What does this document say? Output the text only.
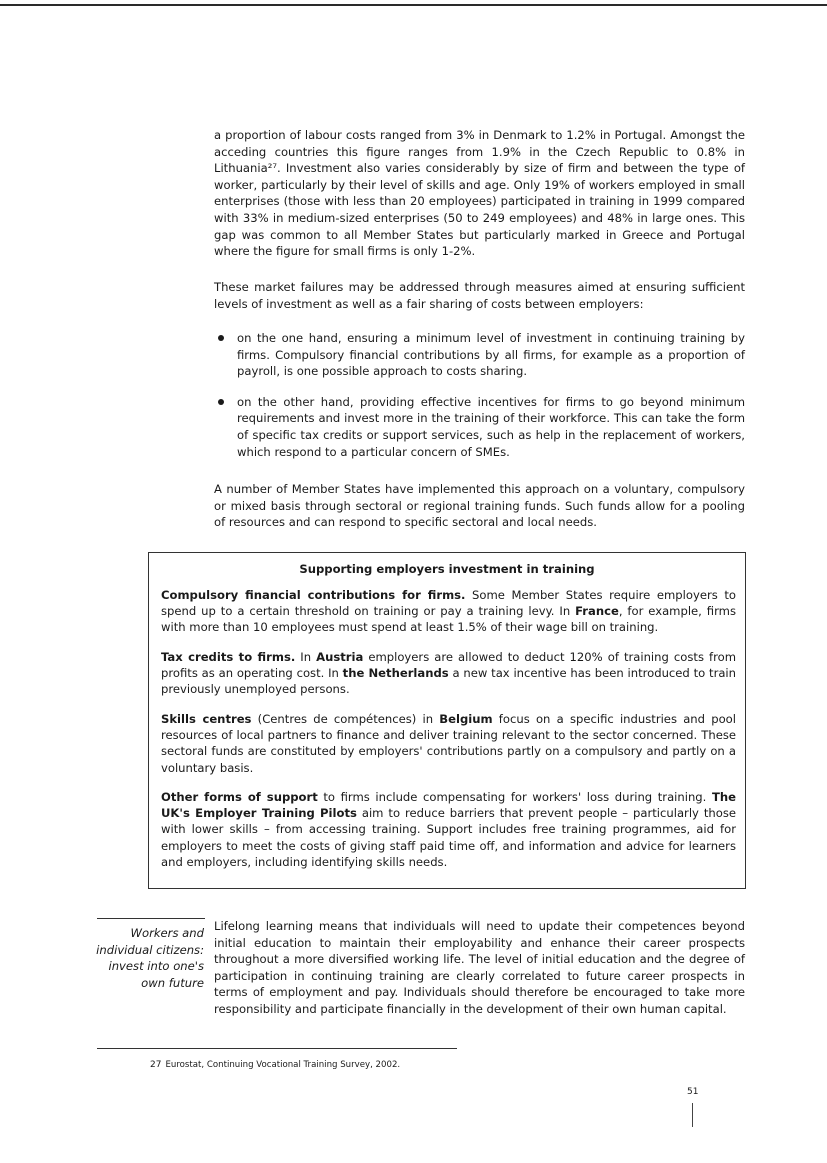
a proportion of labour costs ranged from 3% in Denmark to 1.2% in Portugal. Amongst the acceding countries this figure ranges from 1.9% in the Czech Republic to 0.8% in Lithuania²⁷. Investment also varies considerably by size of firm and between the type of worker, particularly by their level of skills and age. Only 19% of workers employed in small enterprises (those with less than 20 employees) participated in training in 1999 compared with 33% in medium-sized enterprises (50 to 249 employees) and 48% in large ones. This gap was common to all Member States but particularly marked in Greece and Portugal where the figure for small firms is only 1-2%.

These market failures may be addressed through measures aimed at ensuring sufficient levels of investment as well as a fair sharing of costs between employers:

on the one hand, ensuring a minimum level of investment in continuing training by firms. Compulsory financial contributions by all firms, for example as a proportion of payroll, is one possible approach to costs sharing.
on the other hand, providing effective incentives for firms to go beyond minimum requirements and invest more in the training of their workforce. This can take the form of specific tax credits or support services, such as help in the replacement of workers, which respond to a particular concern of SMEs.

A number of Member States have implemented this approach on a voluntary, compulsory or mixed basis through sectoral or regional training funds. Such funds allow for a pooling of resources and can respond to specific sectoral and local needs.

Supporting employers investment in training

Compulsory financial contributions for firms. Some Member States require employers to spend up to a certain threshold on training or pay a training levy. In France, for example, firms with more than 10 employees must spend at least 1.5% of their wage bill on training.

Tax credits to firms. In Austria employers are allowed to deduct 120% of training costs from profits as an operating cost. In the Netherlands a new tax incentive has been introduced to train previously unemployed persons.

Skills centres (Centres de compétences) in Belgium focus on a specific industries and pool resources of local partners to finance and deliver training relevant to the sector concerned. These sectoral funds are constituted by employers' contributions partly on a compulsory and partly on a voluntary basis.

Other forms of support to firms include compensating for workers' loss during training. The UK's Employer Training Pilots aim to reduce barriers that prevent people – particularly those with lower skills – from accessing training. Support includes free training programmes, aid for employers to meet the costs of giving staff paid time off, and information and advice for learners and employers, including identifying skills needs.

Workers and individual citizens: invest into one's own future

Lifelong learning means that individuals will need to update their competences beyond initial education to maintain their employability and enhance their career prospects throughout a more diversified working life. The level of initial education and the degree of participation in continuing training are clearly correlated to future career prospects in terms of employment and pay. Individuals should therefore be encouraged to take more responsibility and participate financially in the development of their own human capital.

27 Eurostat, Continuing Vocational Training Survey, 2002.

51
